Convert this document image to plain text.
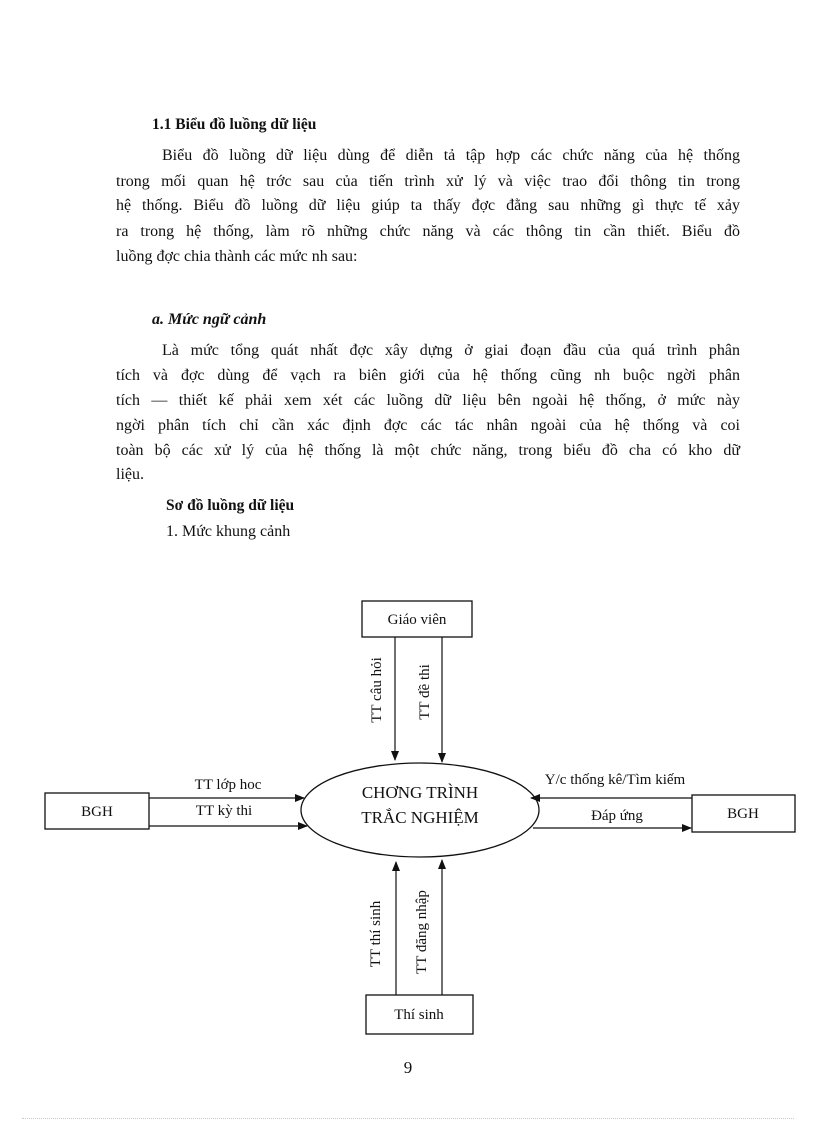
1.1 Biểu đồ luồng dữ liệu
Biểu đồ luồng dữ liệu dùng để diễn tả tập hợp các chức năng của hệ thống
trong mối quan hệ trớc sau của tiến trình xử lý và việc trao đổi thông tin trong
hệ thống. Biểu đồ luồng dữ liệu giúp ta thấy đợc đằng sau những gì thực tế xảy
ra trong hệ thống, làm rõ những chức năng và các thông tin cần thiết. Biểu đồ
luồng đợc chia thành các mức nh sau:
a. Mức ngữ cảnh
Là mức tổng quát nhất đợc xây dựng ở giai đoạn đầu của quá trình phân
tích và đợc dùng để vạch ra biên giới của hệ thống cũng nh buộc ngời phân
tích — thiết kế phải xem xét các luồng dữ liệu bên ngoài hệ thống, ở mức này
ngời phân tích chỉ cần xác định đợc các tác nhân ngoài của hệ thống và coi
toàn bộ các xử lý của hệ thống là một chức năng, trong biểu đồ cha có kho dữ
liệu.
Sơ đồ luồng dữ liệu
1. Mức khung cảnh
CHƠNG TRÌNH
TRẮC NGHIỆM
Giáo viên
Thí sinh
BGH	BGH
TT câu hỏi TT đề thi
TT lớp hoc
TT kỳ thi
Y/c thống kê/Tìm kiếm
Đáp ứng
TT thí sinh TT đăng nhập
9
